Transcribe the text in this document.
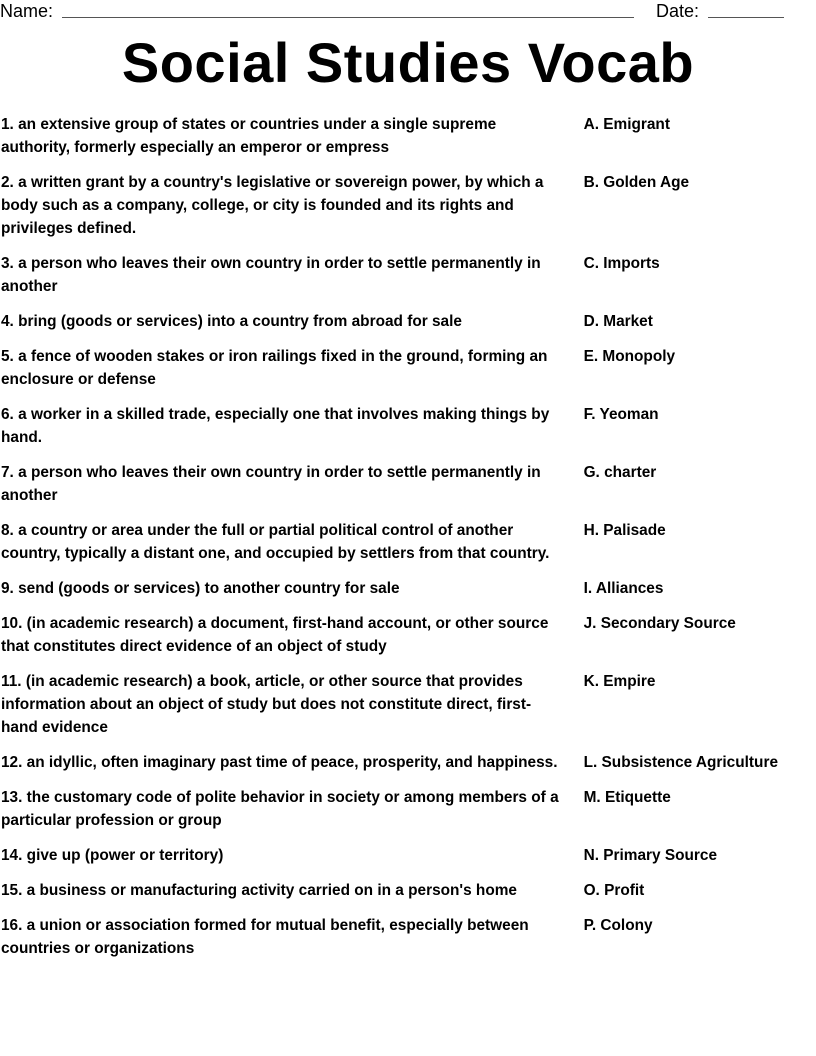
Name:	Date:
Social Studies Vocab
1. an extensive group of states or countries under a single supreme authority, formerly especially an emperor or empress
A. Emigrant
2. a written grant by a country's legislative or sovereign power, by which a body such as a company, college, or city is founded and its rights and privileges defined.
B. Golden Age
3. a person who leaves their own country in order to settle permanently in another
C. Imports
4. bring (goods or services) into a country from abroad for sale	D. Market
5. a fence of wooden stakes or iron railings fixed in the ground, forming an enclosure or defense
E. Monopoly
6. a worker in a skilled trade, especially one that involves making things by hand.
F. Yeoman
7. a person who leaves their own country in order to settle permanently in another
G. charter
8. a country or area under the full or partial political control of another country, typically a distant one, and occupied by settlers from that country.
H. Palisade
9. send (goods or services) to another country for sale	I. Alliances
10. (in academic research) a document, first-hand account, or other source that constitutes direct evidence of an object of study
J. Secondary Source
11. (in academic research) a book, article, or other source that provides information about an object of study but does not constitute direct, first-hand evidence
K. Empire
12. an idyllic, often imaginary past time of peace, prosperity, and happiness.	L. Subsistence Agriculture
13. the customary code of polite behavior in society or among members of a particular profession or group
M. Etiquette
14. give up (power or territory)	N. Primary Source
15. a business or manufacturing activity carried on in a person's home	O. Profit
16. a union or association formed for mutual benefit, especially between countries or organizations
P. Colony
